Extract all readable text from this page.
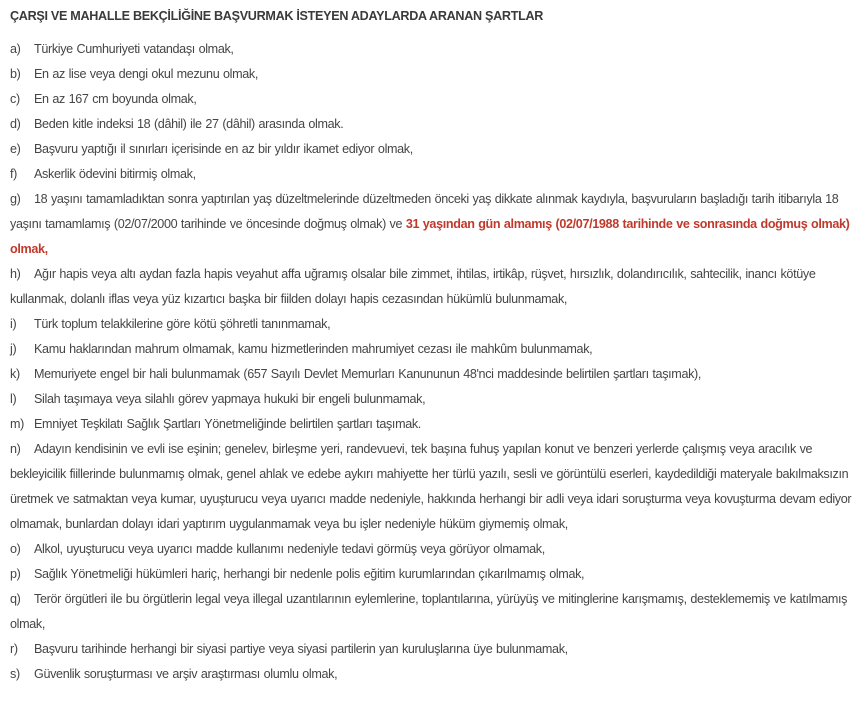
ÇARŞI VE MAHALLE BEKÇİLİĞİNE BAŞVURMAK İSTEYEN ADAYLARDA ARANAN ŞARTLAR
a) Türkiye Cumhuriyeti vatandaşı olmak,
b) En az lise veya dengi okul mezunu olmak,
c) En az 167 cm boyunda olmak,
d) Beden kitle indeksi 18 (dâhil) ile 27 (dâhil) arasında olmak.
e) Başvuru yaptığı il sınırları içerisinde en az bir yıldır ikamet ediyor olmak,
f) Askerlik ödevini bitirmiş olmak,
g) 18 yaşını tamamladıktan sonra yaptırılan yaş düzeltmelerinde düzeltmeden önceki yaş dikkate alınmak kaydıyla, başvuruların başladığı tarih itibarıyla 18 yaşını tamamlamış (02/07/2000 tarihinde ve öncesinde doğmuş olmak) ve 31 yaşından gün almamış (02/07/1988 tarihinde ve sonrasında doğmuş olmak) olmak,
h) Ağır hapis veya altı aydan fazla hapis veyahut affa uğramış olsalar bile zimmet, ihtilas, irtikâp, rüşvet, hırsızlık, dolandırıcılık, sahtecilik, inancı kötüye kullanmak, dolanlı iflas veya yüz kızartıcı başka bir fiilden dolayı hapis cezasından hükümlü bulunmamak,
i) Türk toplum telakkilerine göre kötü şöhretli tanınmamak,
j) Kamu haklarından mahrum olmamak, kamu hizmetlerinden mahrumiyet cezası ile mahkûm bulunmamak,
k) Memuriyete engel bir hali bulunmamak (657 Sayılı Devlet Memurları Kanununun 48'nci maddesinde belirtilen şartları taşımak),
l) Silah taşımaya veya silahlı görev yapmaya hukuki bir engeli bulunmamak,
m) Emniyet Teşkilatı Sağlık Şartları Yönetmeliğinde belirtilen şartları taşımak.
n) Adayın kendisinin ve evli ise eşinin; genelev, birleşme yeri, randevuevi, tek başına fuhuş yapılan konut ve benzeri yerlerde çalışmış veya aracılık ve bekleyicilik fiillerinde bulunmamış olmak, genel ahlak ve edebe aykırı mahiyette her türlü yazılı, sesli ve görüntülü eserleri, kaydedildiği materyale bakılmaksızın üretmek ve satmaktan veya kumar, uyuşturucu veya uyarıcı madde nedeniyle, hakkında herhangi bir adli veya idari soruşturma veya kovuşturma devam ediyor olmamak, bunlardan dolayı idari yaptırım uygulanmamak veya bu işler nedeniyle hüküm giymemiş olmak,
o) Alkol, uyuşturucu veya uyarıcı madde kullanımı nedeniyle tedavi görmüş veya görüyor olmamak,
p) Sağlık Yönetmeliği hükümleri hariç, herhangi bir nedenle polis eğitim kurumlarından çıkarılmamış olmak,
q) Terör örgütleri ile bu örgütlerin legal veya illegal uzantılarının eylemlerine, toplantılarına, yürüyüş ve mitinglerine karışmamış, desteklememiş ve katılmamış olmak,
r) Başvuru tarihinde herhangi bir siyasi partiye veya siyasi partilerin yan kuruluşlarına üye bulunmamak,
s) Güvenlik soruşturması ve arşiv araştırması olumlu olmak,
